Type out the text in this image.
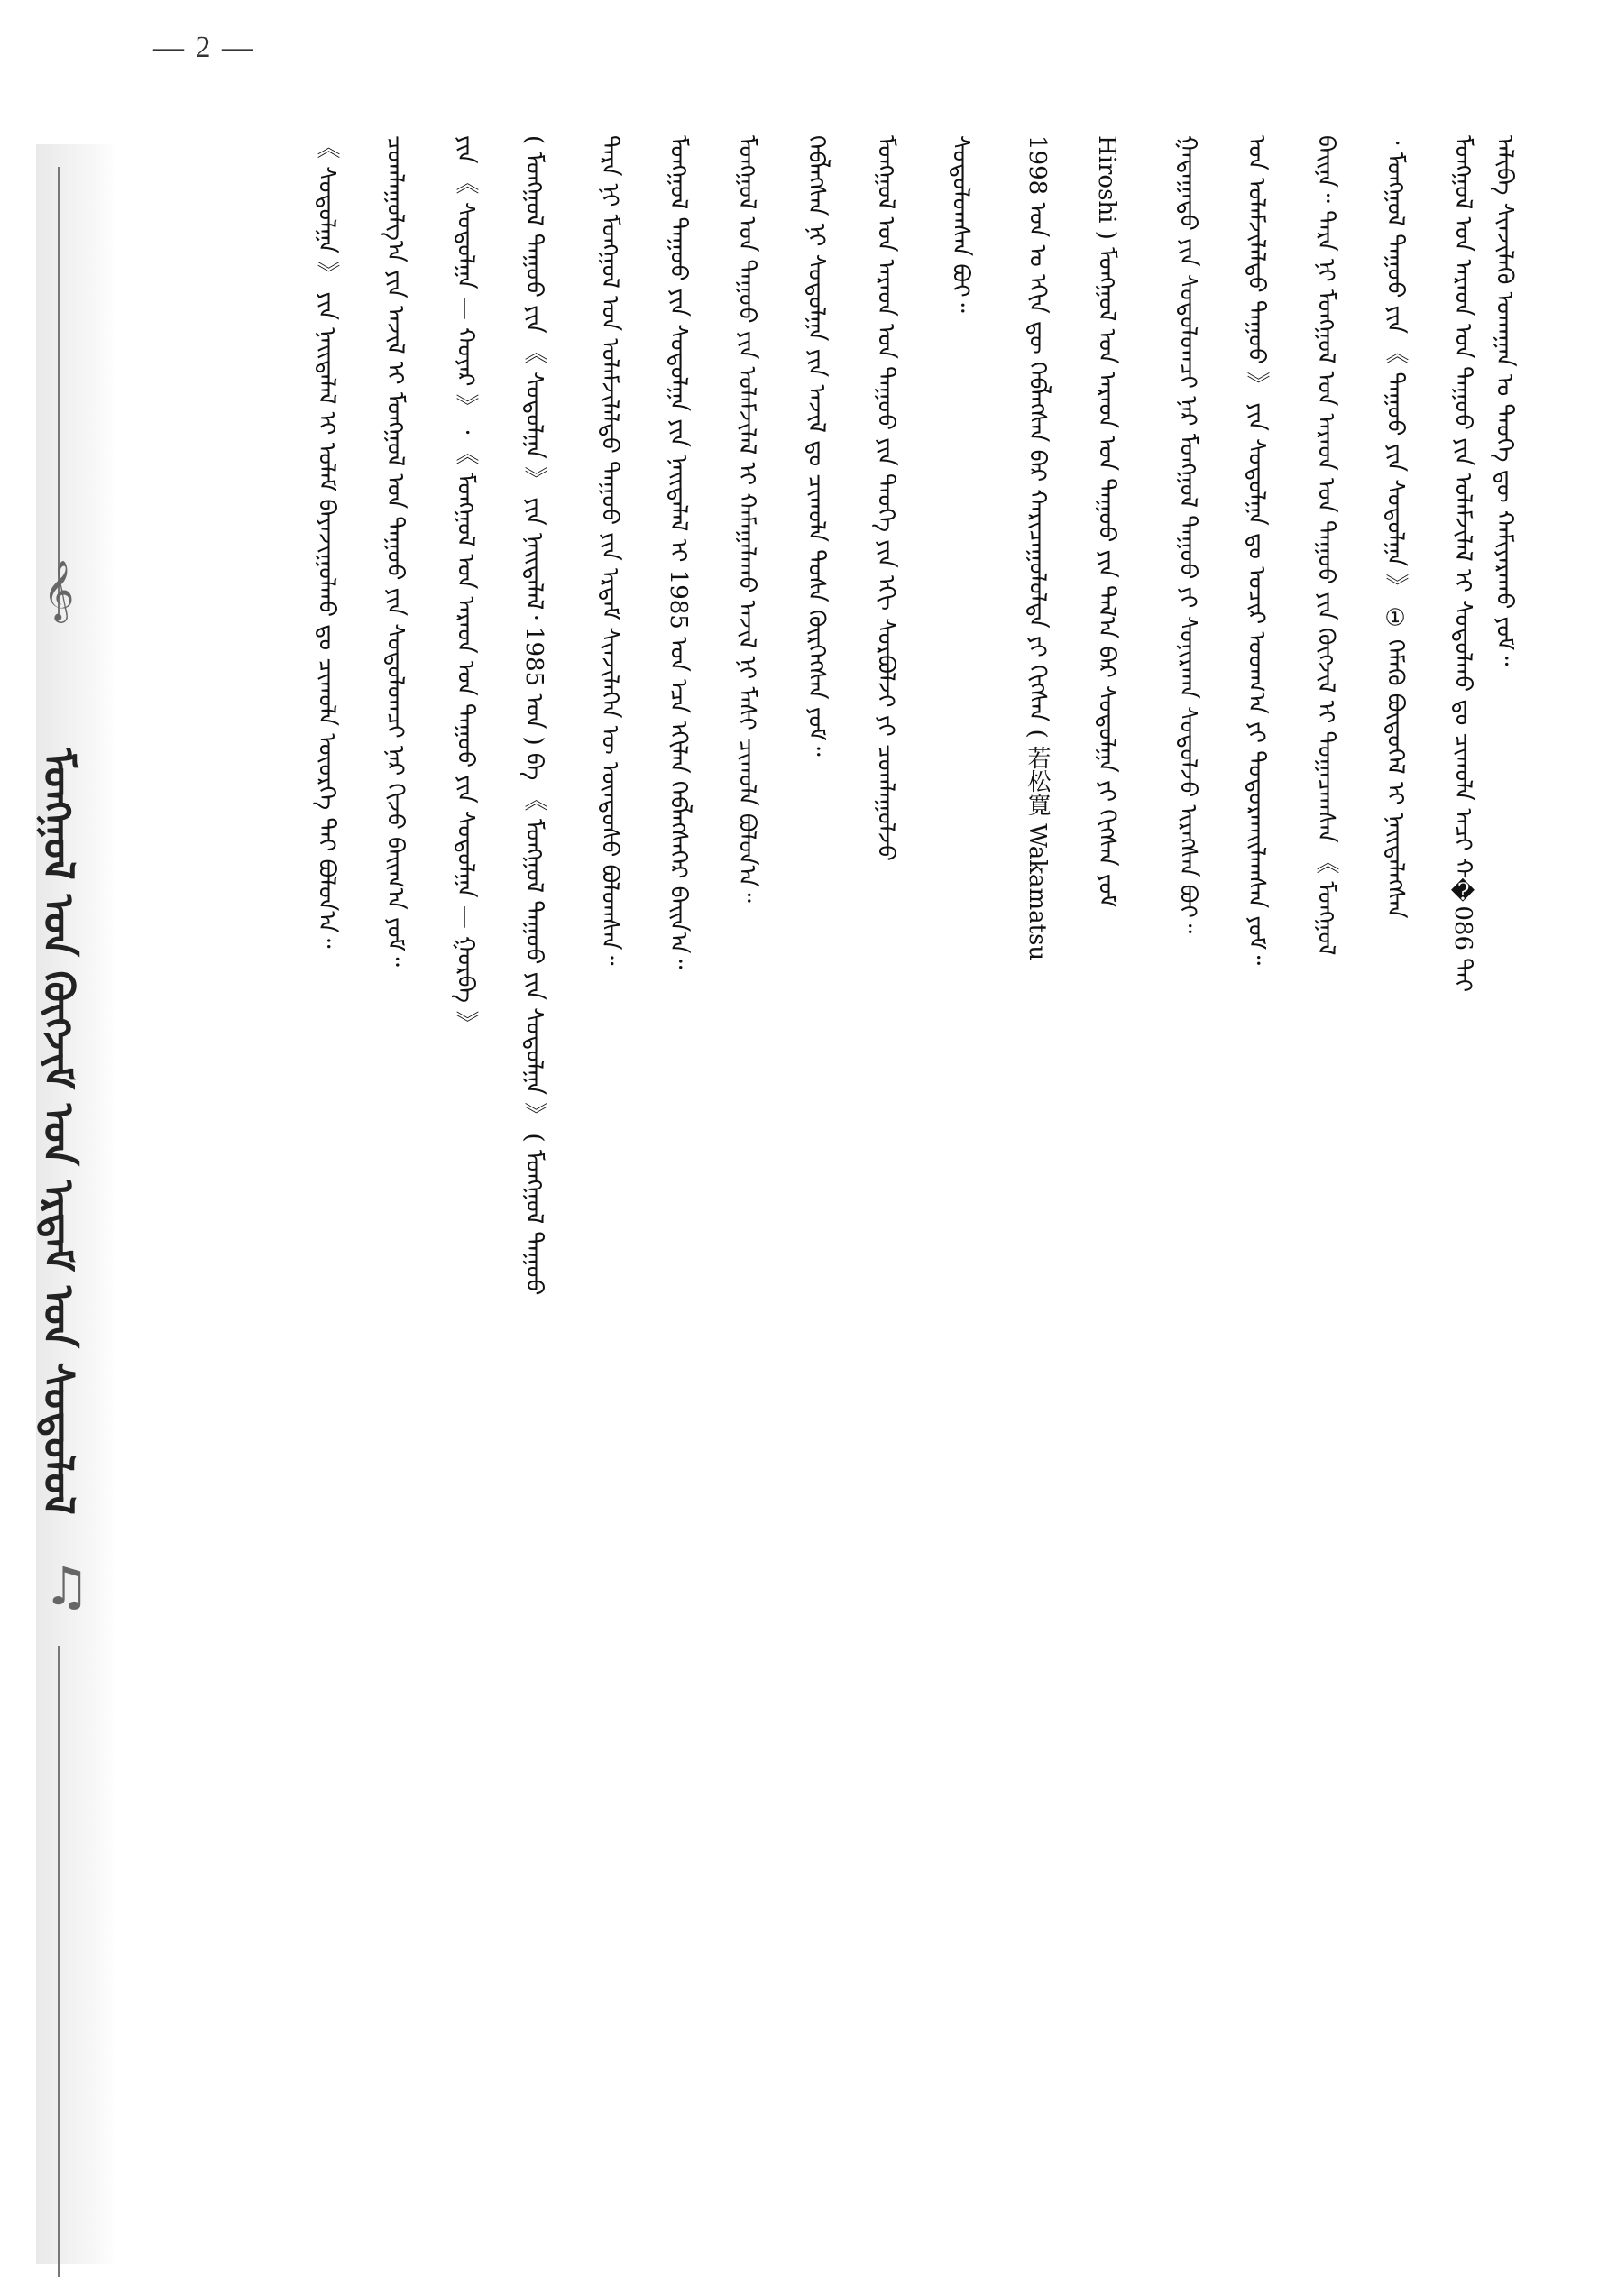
— 2 —
𝄞
ᠮᠣᠩᠭᠣᠯ ᠤᠨ ᠬᠥᠭᠵᠢᠮ ᠤᠨ ᠡᠷᠳᠡᠮ ᠤᠨ ᠰᠤᠳᠤᠯᠤᠯ
♫
ᠠᠯᠢᠪᠠ ᠰᠢᠨᠵᠢᠯᠡᠬᠦ ᠤᠬᠠᠭᠠᠨ ᠤ ᠲᠡᠦᠬᠡ ᠳᠦ ᠬᠠᠮᠢᠶᠠᠷᠠᠬᠤ ᠶᠤᠮ᠃
ᠮᠣᠩᠭᠣᠯ ᠤᠨ ᠠᠷᠠᠳ ᠤᠨ ᠳᠠᠭᠤᠤ ᠶᠢᠨ ᠤᠯᠠᠮᠵᠢᠯᠠᠯ ᠢ ᠰᠤᠳᠤᠯᠬᠤ ᠳᠤ ᠴᠢᠬᠤᠯᠠ ᠠᠴᠢ ᠬ�086 ᠲᠠᠢ
᠂ ᠮᠣᠩᠭᠣᠯ ᠳᠠᠭᠤᠤ ᠶᠢᠨ 《 ᠳᠠᠭᠤᠤ ᠶᠢᠨ ᠰᠤᠳᠤᠯᠭᠠ 》 ① ᠬᠡᠮᠡᠬᠦ ᠪᠦᠲᠦᠭᠡᠯ ᠢ ᠨᠡᠢᠲᠡᠯᠡᠭᠰᠡᠨ
ᠪᠠᠢᠨᠠ᠃ ᠲᠡᠷᠡ ᠨᠢ ᠮᠣᠩᠭᠣᠯ ᠤᠨ ᠠᠷᠠᠳ ᠤᠨ ᠳᠠᠭᠤᠤ ᠶᠢᠨ ᠬᠥᠭᠵᠢᠯ ᠢ ᠲᠣᠭᠠᠴᠠᠭᠰᠠᠨ 《 ᠮᠣᠩᠭᠣᠯ
ᠤᠨ ᠤᠯᠠᠮᠵᠢᠯᠠᠯᠲᠤ ᠳᠠᠭᠤᠤ 》 ᠶᠢᠨ ᠰᠤᠳᠤᠯᠭᠠ ᠳᠤ ᠤᠴᠢᠷ ᠤᠳᠬ᠎ᠠ ᠶᠢ ᠲᠣᠳᠣᠷᠬᠠᠢᠯᠠᠭᠰᠠᠨ ᠶᠤᠮ᠃
ᠭᠠᠳᠠᠭᠠᠳᠤ ᠶᠢᠨ ᠰᠤᠳᠤᠯᠤᠭᠴᠢ ᠨᠠᠷ ᠮᠣᠩᠭᠣᠯ ᠳᠠᠭᠤᠤ ᠶᠢ ᠰᠣᠨᠢᠷᠬᠠᠨ ᠰᠤᠳᠤᠯᠵᠤ ᠢᠷᠡᠭᠰᠡᠨ ᠪᠤᠢ᠃
Hiroshi ) ᠮᠣᠩᠭᠣᠯ ᠤᠨ ᠠᠷᠠᠳ ᠤᠨ ᠳᠠᠭᠤᠤ ᠶᠢᠨ ᠲᠠᠯ᠎ᠠ ᠪᠠᠷ ᠰᠤᠳᠤᠯᠭᠠ ᠶᠢ ᠬᠢᠭᠰᠡᠨ ᠶᠤᠮ
1998 ᠣᠨ ᠤ ᠡᠬᠢᠨ ᠳᠦ ᠬᠡᠪᠯᠡᠭᠰᠡᠨ ᠪᠡᠷ ᠬᠠᠷᠢᠴᠠᠭᠤᠯᠤᠯᠲᠠ ᠶᠢ ᠬᠢᠭᠰᠡᠨ ( 若松寛 Wakamatsu
ᠰᠤᠳᠤᠯᠤᠭᠰᠠᠨ ᠪᠤᠢ᠃
ᠮᠣᠩᠭᠣᠯ ᠤᠨ ᠠᠷᠠᠳ ᠤᠨ ᠳᠠᠭᠤᠤ ᠶᠢᠨ ᠲᠡᠦᠬᠡ ᠶᠢᠨ ᠡᠬᠢ ᠰᠤᠷᠪᠤᠯᠵᠢ ᠶᠢ ᠴᠤᠭᠯᠠᠭᠤᠯᠵᠤ
ᠬᠡᠪᠯᠡᠭᠰᠡᠨ ᠨᠢ ᠰᠤᠳᠤᠯᠭᠠ ᠶᠢᠨ ᠠᠵᠢᠯ ᠳᠤ ᠴᠢᠬᠤᠯᠠ ᠲᠤᠰᠠ ᠬᠦᠷᠭᠡᠭᠰᠡᠨ ᠶᠤᠮ᠃
ᠮᠣᠩᠭᠣᠯ ᠤᠨ ᠳᠠᠭᠤᠤ ᠶᠢᠨ ᠤᠯᠠᠮᠵᠢᠯᠠᠯ ᠢ ᠬᠠᠮᠠᠭᠠᠯᠠᠬᠤ ᠠᠵᠢᠯ ᠨᠢ ᠮᠠᠰᠢ ᠴᠢᠬᠤᠯᠠ ᠪᠣᠯᠤᠨ᠎ᠠ᠃
ᠮᠣᠩᠭᠣᠯ ᠳᠠᠭᠤᠤ ᠶᠢᠨ ᠰᠤᠳᠤᠯᠭᠠ ᠶᠢᠨ ᠨᠡᠢᠲᠡᠯᠡᠯ ᠢ 1985 ᠣᠨ ᠡᠴᠡ ᠡᠬᠢᠯᠡᠨ ᠬᠡᠪᠯᠡᠭᠰᠡᠭᠡᠷ ᠪᠠᠢᠨ᠎ᠠ᠃
ᠲᠡᠷᠡ ᠨᠢ ᠮᠣᠩᠭᠣᠯ ᠤᠨ ᠤᠯᠠᠮᠵᠢᠯᠠᠯᠲᠤ ᠳᠠᠭᠤᠤ ᠶᠢᠨ ᠡᠷᠳᠡᠮ ᠰᠢᠨᠵᠢᠯᠡᠭᠡᠨ ᠦ ᠦᠨᠳᠦᠰᠦ ᠪᠣᠯᠤᠭᠰᠠᠨ᠃
( ᠮᠣᠩᠭᠣᠯ ᠳᠠᠭᠤᠤ ᠶᠢᠨ 《 ᠰᠤᠳᠤᠯᠭᠠ 》 ᠶᠢᠨ ᠨᠡᠢᠲᠡᠯᠡᠯ᠂ 1985 ᠣᠨ ) ᠪᠠ 《 ᠮᠣᠩᠭᠣᠯ ᠳᠠᠭᠤᠤ ᠶᠢᠨ ᠰᠤᠳᠤᠯᠭᠠ 》 ( ᠮᠣᠩᠭᠣᠯ ᠳᠠᠭᠤᠤ
ᠶᠢᠨ 《 ᠰᠤᠳᠤᠯᠭᠠ — ᠬᠣᠶᠠᠷ 》 ᠂ 《 ᠮᠣᠩᠭᠣᠯ ᠤᠨ ᠠᠷᠠᠳ ᠤᠨ ᠳᠠᠭᠤᠤ ᠶᠢᠨ ᠰᠤᠳᠤᠯᠭᠠ — ᠭᠤᠷᠪᠠ 》
ᠴᠤᠭᠯᠠᠭᠤᠯᠭ᠎ᠠ ᠶᠢᠨ ᠠᠵᠢᠯ ᠢ ᠮᠣᠩᠭᠣᠯ ᠤᠨ ᠳᠠᠭᠤᠤ ᠶᠢᠨ ᠰᠤᠳᠤᠯᠤᠭᠴᠢ ᠨᠠᠷ ᠬᠢᠵᠦ ᠪᠠᠢᠭ᠎ᠠ ᠶᠤᠮ᠃
《 ᠰᠤᠳᠤᠯᠭᠠ 》 ᠶᠢᠨ ᠨᠡᠢᠲᠡᠯᠡᠯ ᠢ ᠤᠯᠠᠮ ᠪᠠᠶᠠᠵᠢᠭᠤᠯᠬᠤ ᠳᠤ ᠴᠢᠬᠤᠯᠠ ᠦᠦᠷᠭᠡ ᠲᠠᠢ ᠪᠣᠯᠤᠨ᠎ᠠ᠃
